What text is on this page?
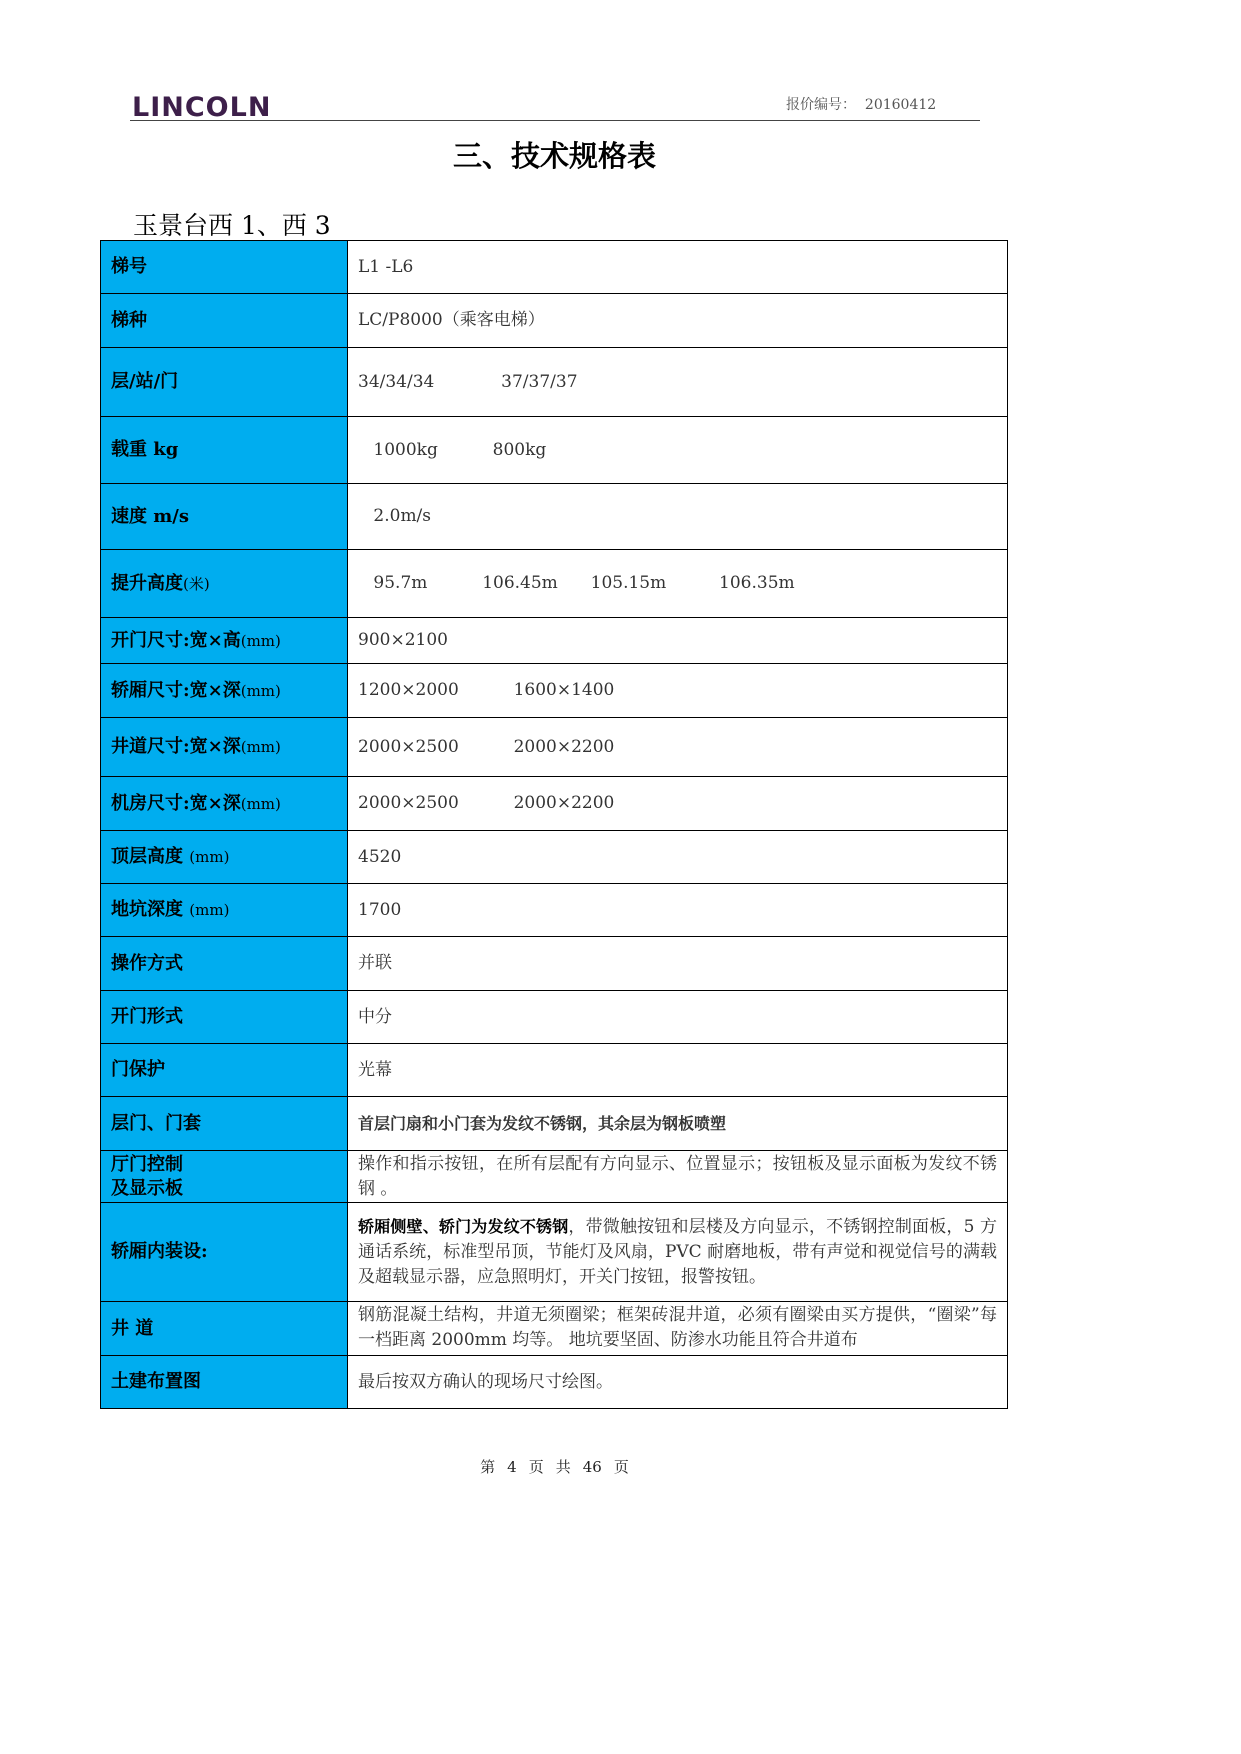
LINCOLN	报价编号： 20160412
三、技术规格表
玉景台西 1、西 3
梯号	L1 -L6
梯种	LC/P8000（乘客电梯）
层/站/门	34/34/34 37/37/37
载重 kg	1000kg 800kg
速度 m/s	2.0m/s
提升高度(米)	95.7m 106.45m 105.15m 106.35m
开门尺寸:宽×高(mm)	900×2100
轿厢尺寸:宽×深(mm)	1200×2000 1600×1400
井道尺寸:宽×深(mm)	2000×2500 2000×2200
机房尺寸:宽×深(mm)	2000×2500 2000×2200
顶层高度 (mm)	4520
地坑深度 (mm)	1700
操作方式	并联
开门形式	中分
门保护	光幕
层门、门套	首层门扇和小门套为发纹不锈钢，其余层为钢板喷塑

厅门控制
及显示板	操作和指示按钮，在所有层配有方向显示、位置显示；按钮板及显示面板为发纹不锈钢 。
轿厢内装设:	轿厢侧壁、轿门为发纹不锈钢，带微触按钮和层楼及方向显示，不锈钢控制面板，5 方通话系统，标准型吊顶，节能灯及风扇，PVC 耐磨地板，带有声觉和视觉信号的满载及超载显示器，应急照明灯，开关门按钮，报警按钮。
井 道	钢筋混凝土结构，井道无须圈梁；框架砖混井道，必须有圈梁由买方提供，“圈梁”每一档距离 2000mm 均等。 地坑要坚固、防渗水功能且符合井道布

土建布置图	最后按双方确认的现场尺寸绘图。
第 4 页 共 46 页
